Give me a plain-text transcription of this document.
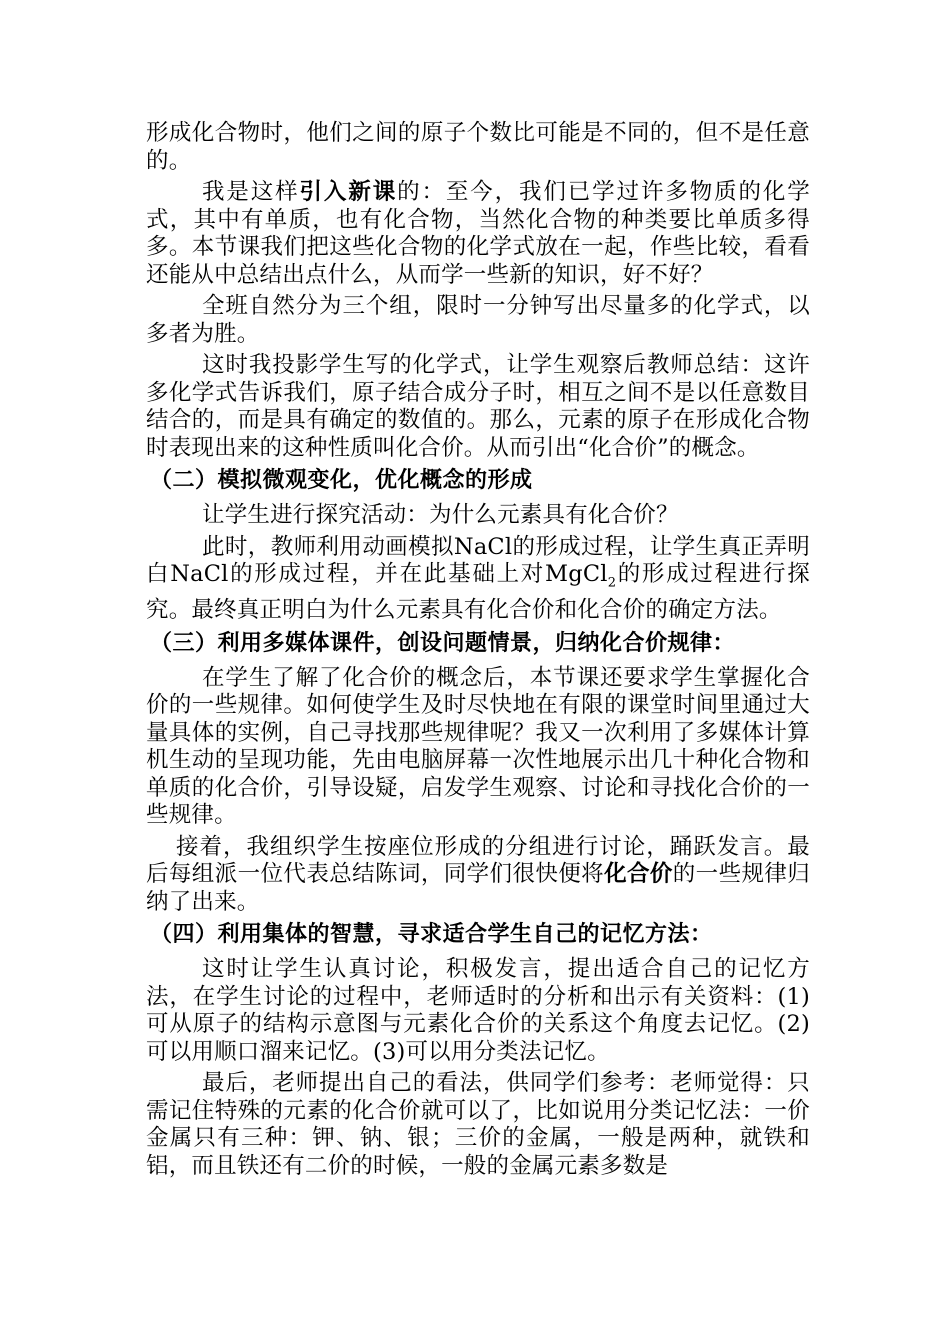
形成化合物时，他们之间的原子个数比可能是不同的，但不是任意的。

我是这样引入新课的：至今，我们已学过许多物质的化学式，其中有单质，也有化合物，当然化合物的种类要比单质多得多。本节课我们把这些化合物的化学式放在一起，作些比较，看看还能从中总结出点什么，从而学一些新的知识，好不好？

全班自然分为三个组，限时一分钟写出尽量多的化学式，以多者为胜。

这时我投影学生写的化学式，让学生观察后教师总结：这许多化学式告诉我们，原子结合成分子时，相互之间不是以任意数目结合的，而是具有确定的数值的。那么，元素的原子在形成化合物时表现出来的这种性质叫化合价。从而引出“化合价”的概念。

（二）模拟微观变化，优化概念的形成

让学生进行探究活动：为什么元素具有化合价？

此时，教师利用动画模拟NaCl的形成过程，让学生真正弄明白NaCl的形成过程，并在此基础上对MgCl$_2$的形成过程进行探究。最终真正明白为什么元素具有化合价和化合价的确定方法。

（三）利用多媒体课件，创设问题情景，归纳化合价规律：

在学生了解了化合价的概念后，本节课还要求学生掌握化合价的一些规律。如何使学生及时尽快地在有限的课堂时间里通过大量具体的实例，自己寻找那些规律呢？我又一次利用了多媒体计算机生动的呈现功能，先由电脑屏幕一次性地展示出几十种化合物和单质的化合价，引导设疑，启发学生观察、讨论和寻找化合价的一些规律。

接着，我组织学生按座位形成的分组进行讨论，踊跃发言。最后每组派一位代表总结陈词，同学们很快便将化合价的一些规律归纳了出来。

（四）利用集体的智慧，寻求适合学生自己的记忆方法：

这时让学生认真讨论，积极发言，提出适合自己的记忆方法，在学生讨论的过程中，老师适时的分析和出示有关资料：(1)可从原子的结构示意图与元素化合价的关系这个角度去记忆。(2)可以用顺口溜来记忆。(3)可以用分类法记忆。

最后，老师提出自己的看法，供同学们参考：老师觉得：只需记住特殊的元素的化合价就可以了，比如说用分类记忆法：一价金属只有三种：钾、钠、银；三价的金属，一般是两种，就铁和铝，而且铁还有二价的时候，一般的金属元素多数是
